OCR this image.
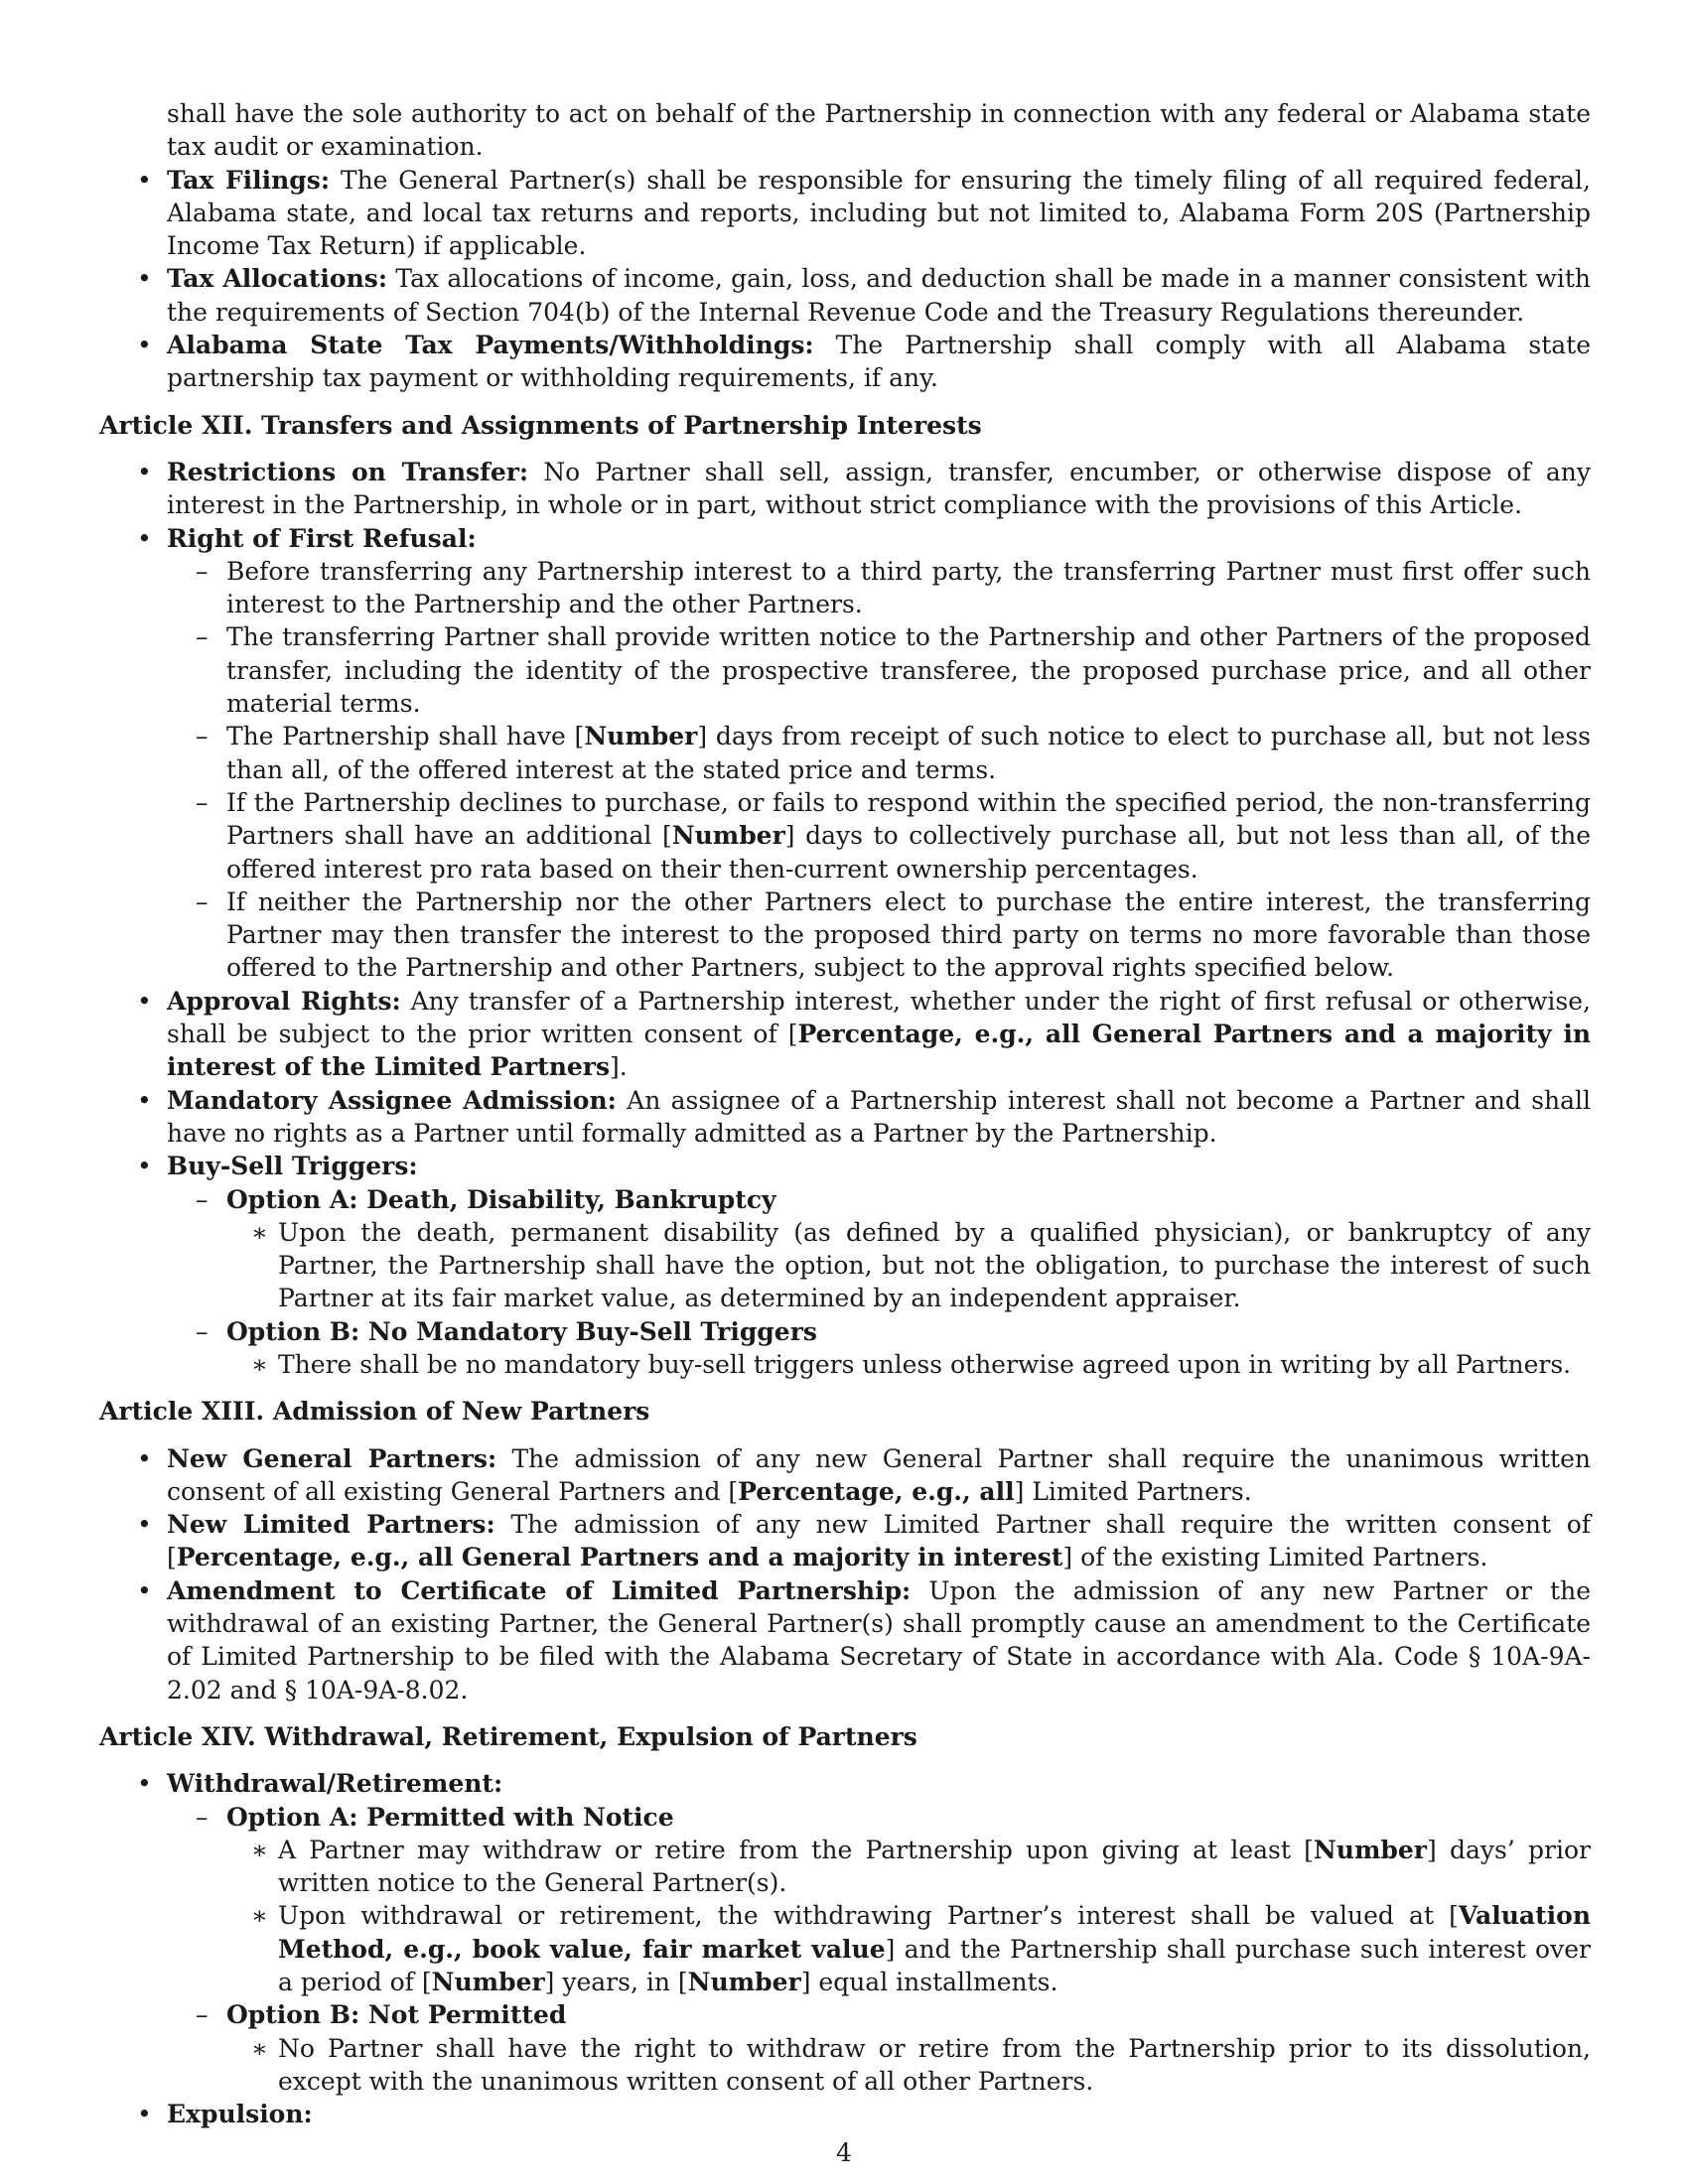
shall have the sole authority to act on behalf of the Partnership in connection with any federal or Alabama state tax audit or examination.

• Tax Filings: The General Partner(s) shall be responsible for ensuring the timely filing of all required federal, Alabama state, and local tax returns and reports, including but not limited to, Alabama Form 20S (Partnership Income Tax Return) if applicable.
• Tax Allocations: Tax allocations of income, gain, loss, and deduction shall be made in a manner consistent with the requirements of Section 704(b) of the Internal Revenue Code and the Treasury Regulations thereunder.
• Alabama State Tax Payments/Withholdings: The Partnership shall comply with all Alabama state partnership tax payment or withholding requirements, if any.

Article XII. Transfers and Assignments of Partnership Interests

• Restrictions on Transfer: No Partner shall sell, assign, transfer, encumber, or otherwise dispose of any interest in the Partnership, in whole or in part, without strict compliance with the provisions of this Article.
• Right of First Refusal:
– Before transferring any Partnership interest to a third party, the transferring Partner must first offer such interest to the Partnership and the other Partners.
– The transferring Partner shall provide written notice to the Partnership and other Partners of the proposed transfer, including the identity of the prospective transferee, the proposed purchase price, and all other material terms.
– The Partnership shall have [Number] days from receipt of such notice to elect to purchase all, but not less than all, of the offered interest at the stated price and terms.
– If the Partnership declines to purchase, or fails to respond within the specified period, the non-transferring Partners shall have an additional [Number] days to collectively purchase all, but not less than all, of the offered interest pro rata based on their then-current ownership percentages.
– If neither the Partnership nor the other Partners elect to purchase the entire interest, the transferring Partner may then transfer the interest to the proposed third party on terms no more favorable than those offered to the Partnership and other Partners, subject to the approval rights specified below.
• Approval Rights: Any transfer of a Partnership interest, whether under the right of first refusal or otherwise, shall be subject to the prior written consent of [Percentage, e.g., all General Partners and a majority in interest of the Limited Partners].
• Mandatory Assignee Admission: An assignee of a Partnership interest shall not become a Partner and shall have no rights as a Partner until formally admitted as a Partner by the Partnership.
• Buy-Sell Triggers:
– Option A: Death, Disability, Bankruptcy
∗ Upon the death, permanent disability (as defined by a qualified physician), or bankruptcy of any Partner, the Partnership shall have the option, but not the obligation, to purchase the interest of such Partner at its fair market value, as determined by an independent appraiser.
– Option B: No Mandatory Buy-Sell Triggers
∗ There shall be no mandatory buy-sell triggers unless otherwise agreed upon in writing by all Partners.

Article XIII. Admission of New Partners

• New General Partners: The admission of any new General Partner shall require the unanimous written consent of all existing General Partners and [Percentage, e.g., all] Limited Partners.
• New Limited Partners: The admission of any new Limited Partner shall require the written consent of [Percentage, e.g., all General Partners and a majority in interest] of the existing Limited Partners.
• Amendment to Certificate of Limited Partnership: Upon the admission of any new Partner or the withdrawal of an existing Partner, the General Partner(s) shall promptly cause an amendment to the Certificate of Limited Partnership to be filed with the Alabama Secretary of State in accordance with Ala. Code § 10A-9A-2.02 and § 10A-9A-8.02.

Article XIV. Withdrawal, Retirement, Expulsion of Partners

• Withdrawal/Retirement:
– Option A: Permitted with Notice
∗ A Partner may withdraw or retire from the Partnership upon giving at least [Number] days’ prior written notice to the General Partner(s).
∗ Upon withdrawal or retirement, the withdrawing Partner’s interest shall be valued at [Valuation Method, e.g., book value, fair market value] and the Partnership shall purchase such interest over a period of [Number] years, in [Number] equal installments.
– Option B: Not Permitted
∗ No Partner shall have the right to withdraw or retire from the Partnership prior to its dissolution, except with the unanimous written consent of all other Partners.
• Expulsion:
4
